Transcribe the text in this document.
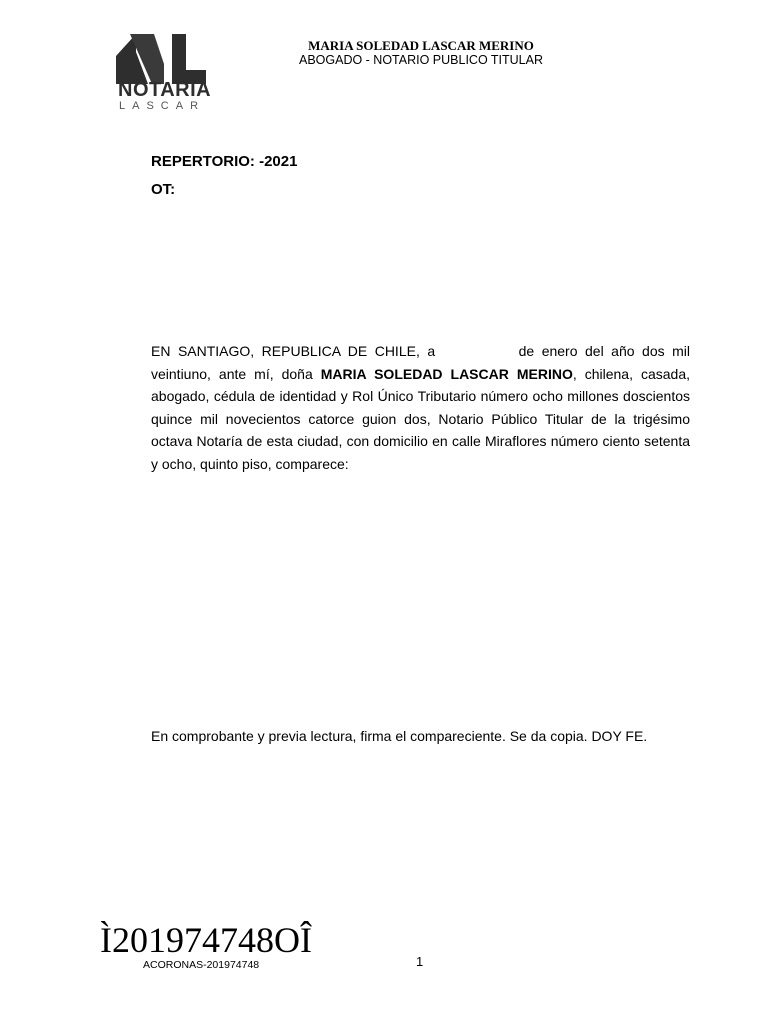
NOTARIA
LASCAR
MARIA SOLEDAD LASCAR MERINO
ABOGADO - NOTARIO PUBLICO TITULAR
REPERTORIO: -2021
OT:
EN SANTIAGO, REPUBLICA DE CHILE, a	de enero del año dos mil veintiuno, ante mí, doña MARIA SOLEDAD LASCAR MERINO, chilena, casada, abogado, cédula de identidad y Rol Único Tributario número ocho millones doscientos quince mil novecientos catorce guion dos, Notario Público Titular de la trigésimo octava Notaría de esta ciudad, con domicilio en calle Miraflores número ciento setenta y ocho, quinto piso, comparece:
En comprobante y previa lectura, firma el compareciente. Se da copia. DOY FE.
Ì201974748OÎ
ACORONAS-201974748	1
